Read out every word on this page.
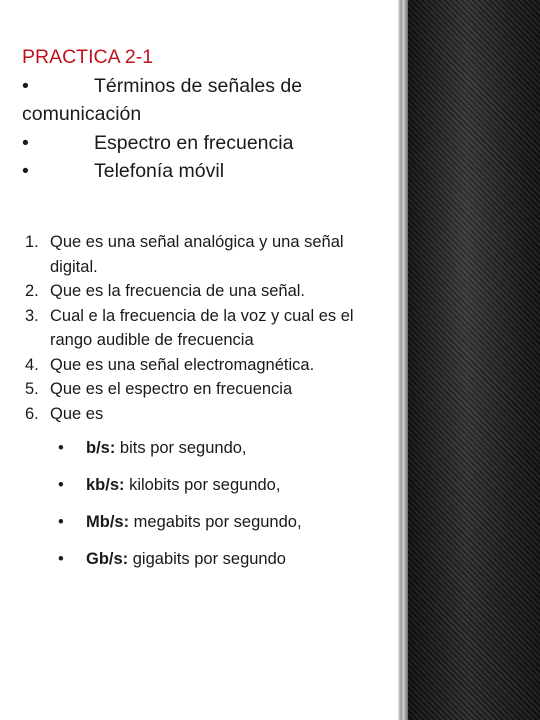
PRACTICA 2-1
•	Términos de señales de
comunicación
•	Espectro en frecuencia
•	Telefonía móvil
1. Que es una señal analógica y una señal digital.
2. Que es la frecuencia de una señal.
3. Cual e la frecuencia de la voz y cual es el rango audible de frecuencia
4. Que es una señal electromagnética.
5. Que es el espectro en frecuencia
6. Que es
• b/s: bits por segundo,
• kb/s: kilobits por segundo,
• Mb/s: megabits por segundo,
• Gb/s: gigabits por segundo
